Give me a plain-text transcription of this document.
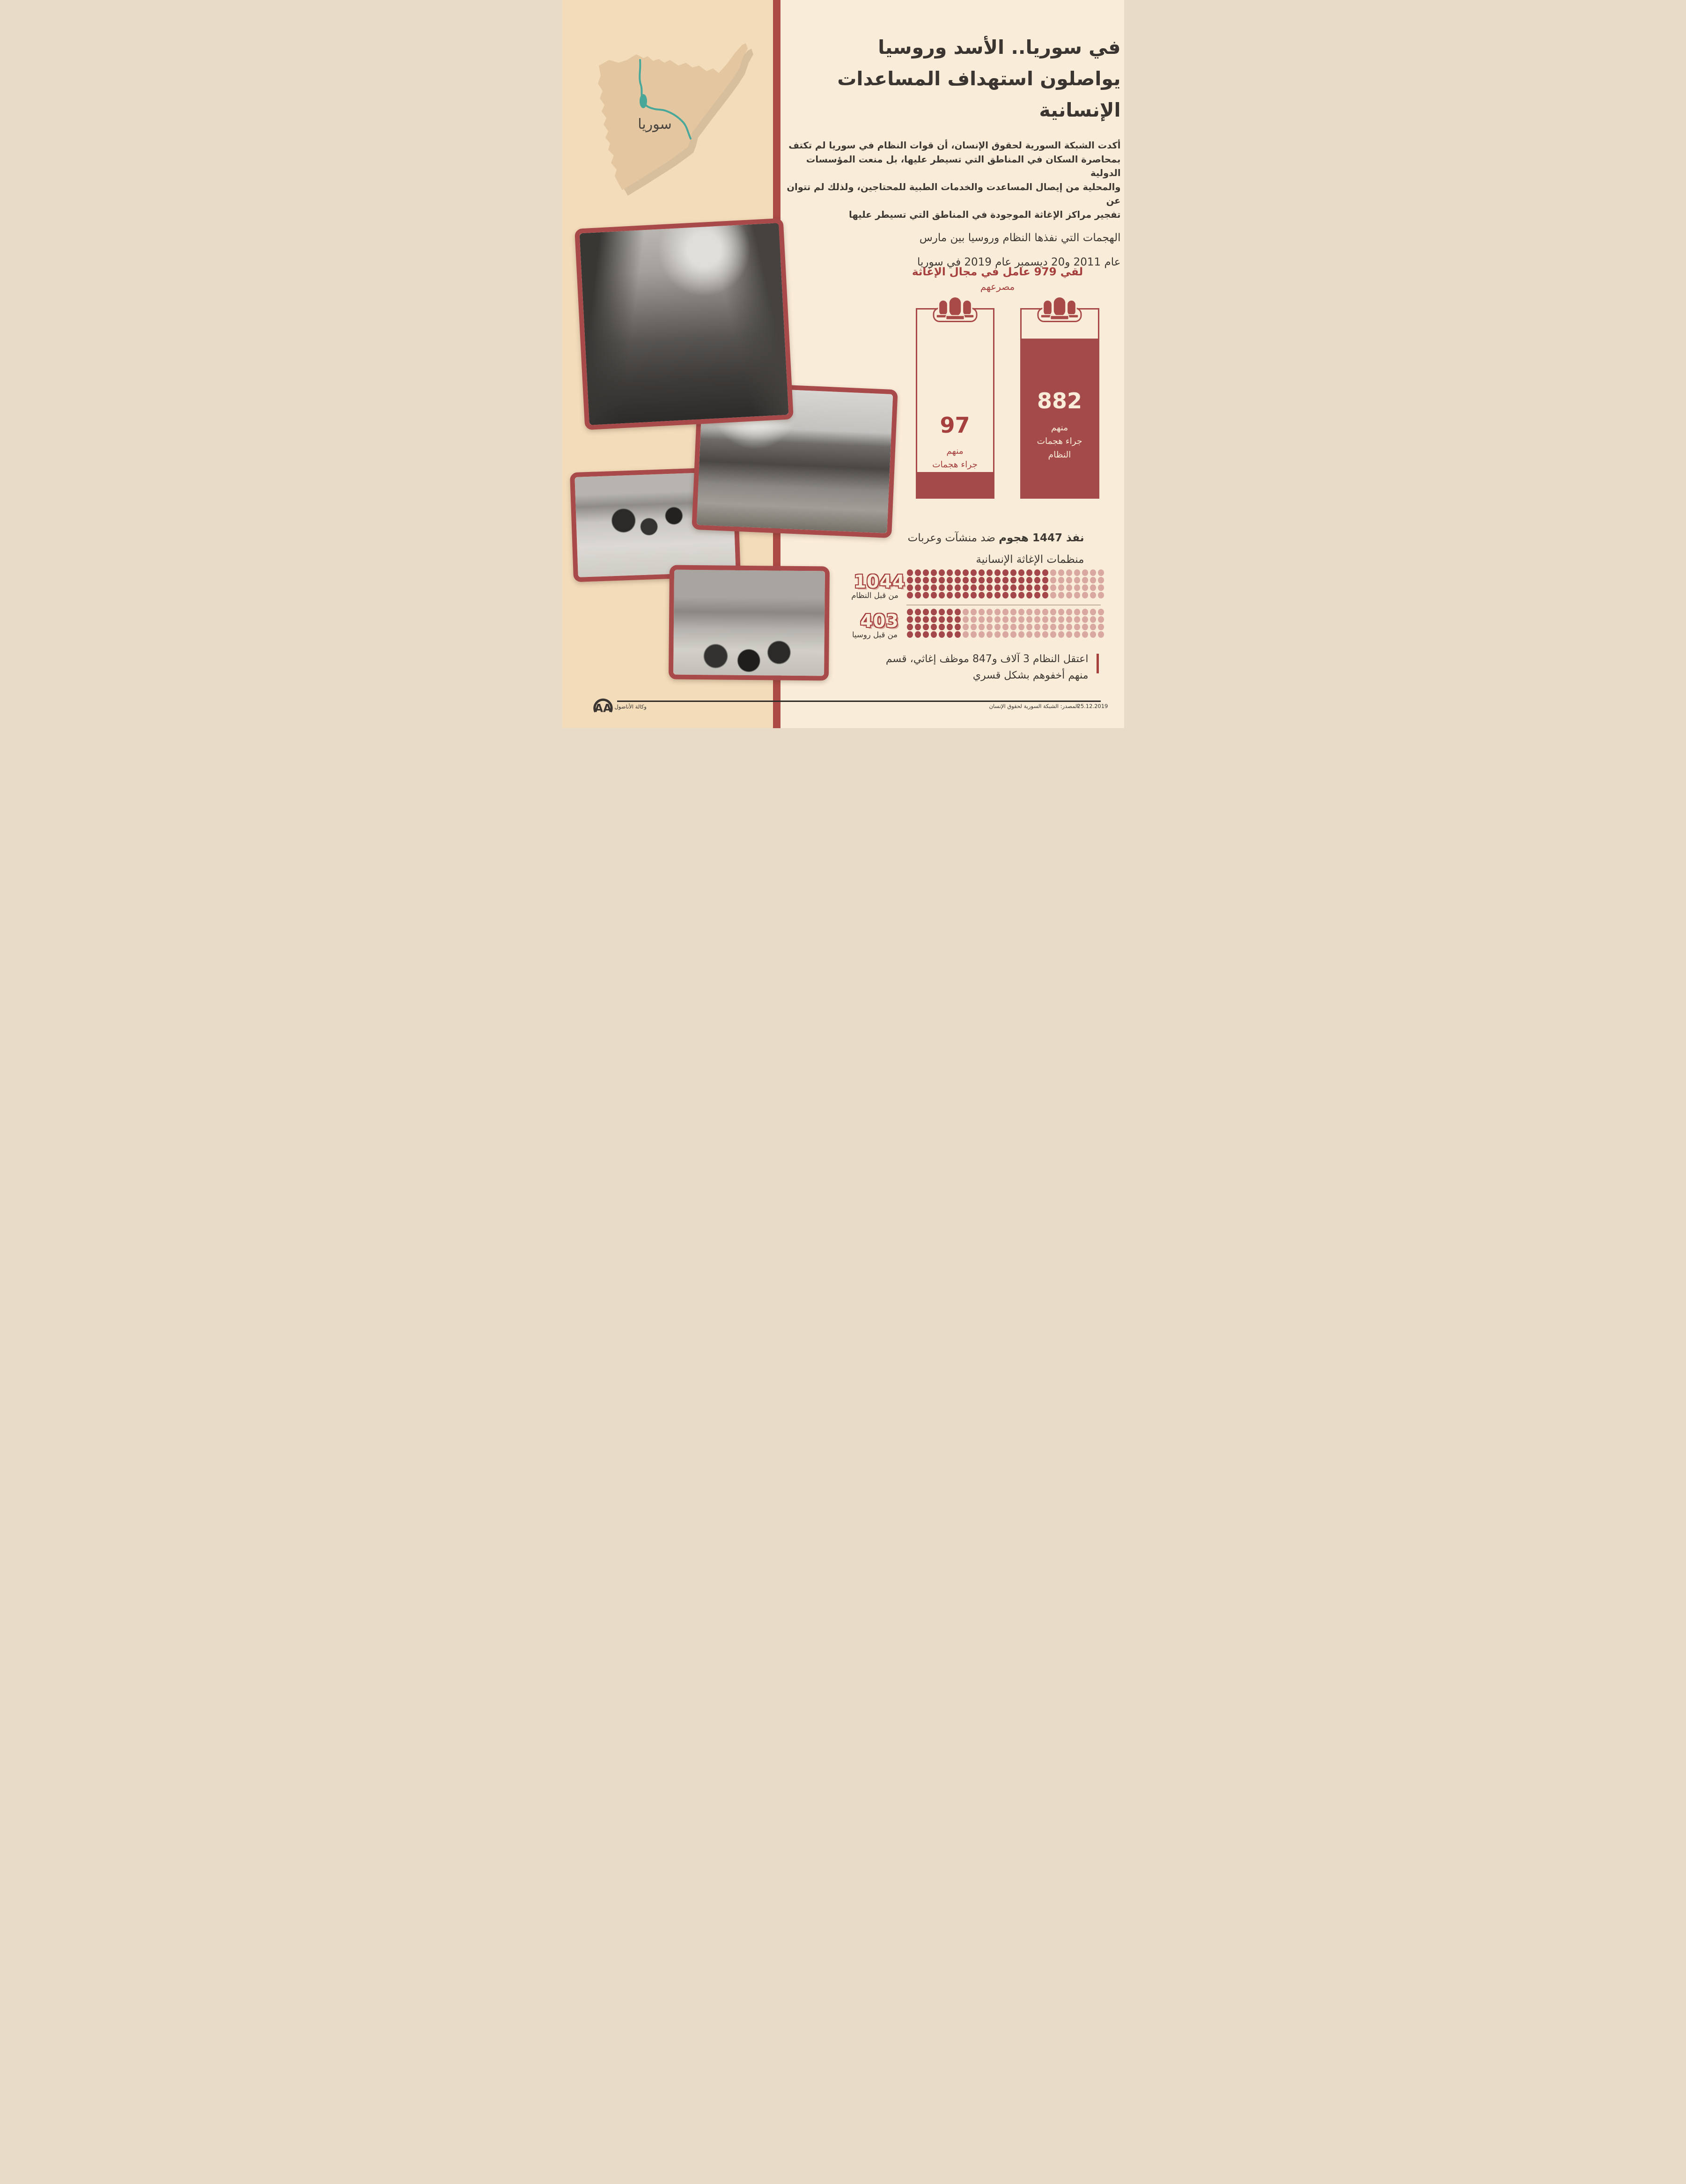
سوريا
في سوريا.. الأسد وروسيا
يواصلون استهداف المساعدات
الإنسانية
أكدت الشبكة السورية لحقوق الإنسان، أن قوات النظام في سوريا لم تكتف
بمحاصرة السكان في المناطق التي تسيطر عليها، بل منعت المؤسسات الدولية
والمحلية من إيصال المساعدت والخدمات الطبية للمحتاجين، ولذلك لم تتوان عن
تفجير مراكز الإغاثة الموجودة في المناطق التي تسيطر عليها
الهجمات التي نفذها النظام وروسيا بين مارس
عام 2011 و20 ديسمبر عام 2019 في سوريا
لقي 979 عامل في مجال الإغاثة
مصرعهم
97
منهم
جراء هجمات

882
منهم
جراء هجمات
النظام
نفذ 1447 هجوم ضد منشآت وعربات
منظمات الإغاثة الإنسانية
1044
من قبل النظام
403
من قبل روسيا
اعتقل النظام 3 آلاف و847 موظف إغاثي، قسم
منهم أخفوهم بشكل قسري
AA وكالة الأناضول	المصدر: الشبكة السورية لحقوق الإنسان
25.12.2019
